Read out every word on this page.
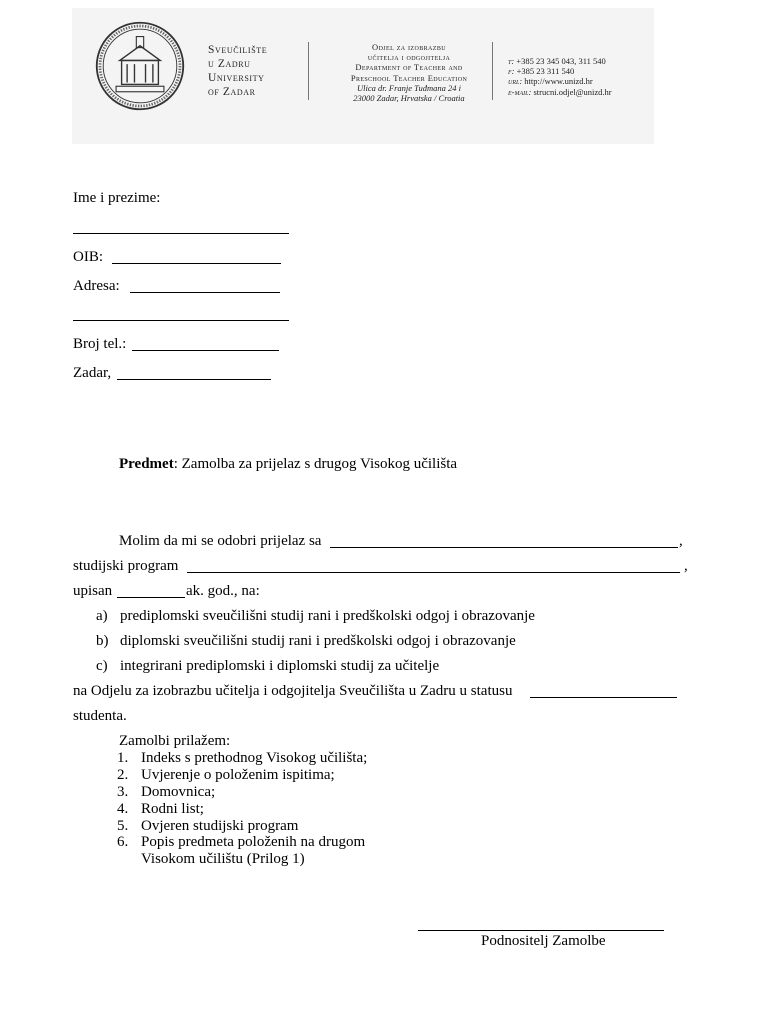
Sveučilište
u Zadru
University
of Zadar
Odjel za izobrazbu
učitelja i odgojitelja
Department of Teacher and
Preschool Teacher Education
Ulica dr. Franje Tuđmana 24 i
23000 Zadar, Hrvatska / Croatia
t: +385 23 345 043, 311 540
f: +385 23 311 540
url: http://www.unizd.hr
e-mail: strucni.odjel@unizd.hr
Ime i prezime:
OIB:
Adresa:
Broj tel.:
Zadar,
Predmet: Zamolba za prijelaz s drugog Visokog učilišta
Molim da mi se odobri prijelaz sa	,
studijski program	,
upisan	ak. god., na:
a) prediplomski sveučilišni studij rani i predškolski odgoj i obrazovanje
b) diplomski sveučilišni studij rani i predškolski odgoj i obrazovanje
c) integrirani prediplomski i diplomski studij za učitelje
na Odjelu za izobrazbu učitelja i odgojitelja Sveučilišta u Zadru u statusu
studenta.
Zamolbi prilažem:
1. Indeks s prethodnog Visokog učilišta;
2. Uvjerenje o položenim ispitima;
3. Domovnica;
4. Rodni list;
5. Ovjeren studijski program
6. Popis predmeta položenih na drugom
Visokom učilištu (Prilog 1)
Podnositelj Zamolbe
